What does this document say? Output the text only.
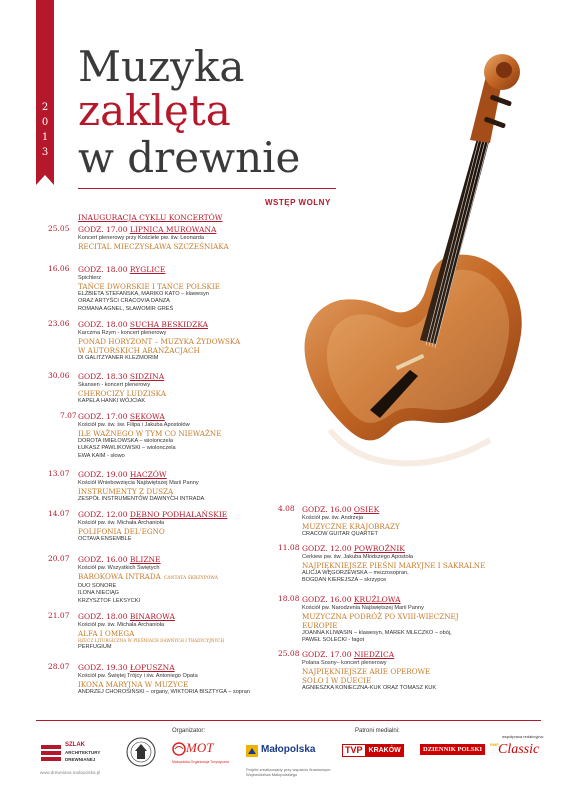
2
0
1
3
Muzyka
zaklęta
w drewnie
WSTĘP WOLNY
INAUGURACJA CYKLU KONCERTÓW
25.05 GODZ. 17.00 LIPNICA MUROWANA
Koncert plenerowy przy Kościele pw. św. Leonarda
RECITAL MIECZYSŁAWA SZCZEŚNIAKA
16.06 GODZ. 18.00 RYGLICE
Spichlerz
TAŃCE DWORSKIE I TAŃCE POLSKIE
ELŻBIETA STEFAŃSKA, MARIKO KATO – klawesyn
ORAZ ARTYŚCI CRACOVIA DANZA
ROMANA AGNEL, SŁAWOMIR GREŚ
23.06 GODZ. 18.00 SUCHA BESKIDZKA
Karczma Rzym - koncert plenerowy
PONAD HORYZONT – MUZYKA ŻYDOWSKA
W AUTORSKICH ARANŻACJACH
DI GALITZYANER KLEZMORIM
30.06 GODZ. 18.30 SIDZINA
Skansen - koncert plenerowy
CHEROCIZY LUDZISKA
KAPELA HANKI WÓJCIAK
7.07 GODZ. 17.00 SĘKOWA
Kościół pw. św. św. Filipa i Jakuba Apostołów
ILE WAŻNEGO W TYM CO NIEWAŻNE
DOROTA IMIEŁOWSKA – wiolonczela
ŁUKASZ PAWLIKOWSKI – wiolonczela
EWA KAIM - słowo
13.07 GODZ. 19.00 HACZÓW
Kościół Wniebowzięcia Najświętszej Marii Panny
INSTRUMENTY Z DUSZĄ
ZESPÓŁ INSTRUMENTÓW DAWNYCH INTRADA
14.07 GODZ. 12.00 DĘBNO PODHALAŃSKIE
Kościół pw. św. Michała Archanioła
POLIFONIA DEL'EGNO
OCTAVA ENSEMBLE
20.07 GODZ. 16.00 BLIZNE
Kościół pw. Wszystkich Świętych
BAROKOWA INTRADA CANTATA ŚKRZYPOWA
DUO SONORE
ILONA NIECIĄG
KRZYSZTOF LEKSYCKI
21.07 GODZ. 18.00 BINAROWA
Kościół pw. św. Michała Archanioła
ALFA I OMEGA
RZECZ LITURGICZNA W PIEŚNIACH DAWNYCH I TRADYCYJNYCH
PERFUGIUM
28.07 GODZ. 19.30 ŁOPUSZNA
Kościół pw. Świętej Trójcy i św. Antoniego Opata
IKONA MARYJNA W MUZYCE
ANDRZEJ CHOROSIŃSKI – organy, WIKTORIA BISZTYGA – sopran
4.08 GODZ. 16.00 OSIEK
Kościół pw. św. Andrzeja
MUZYCZNE KRAJOBRAZY
CRACOW GUITAR QUARTET
11.08 GODZ. 12.00 POWROŹNIK
Cerkiew pw. św. Jakuba Młodszego Apostoła
NAJPIĘKNIEJSZE PIEŚNI MARYJNE I SAKRALNE
ALICJA WĘGORZEWSKA – mezzosopran,
BOGDAN KIEREJSZA – skrzypce
18.08 GODZ. 16.00 KRUŻLOWA
Kościół pw. Narodzenia Najświętszej Marii Panny
MUZYCZNA PODRÓŻ PO XVIII-WIECZNEJ
EUROPIE
JOANNA KLIWASIN – klawesyn, MAREK MLECZKO – obój,
PAWEŁ SOLECKI - fagot
25.08 GODZ. 17.00 NIEDZICA
Polana Sosny– koncert plenerowy
NAJPIĘKNIEJSZE ARIE OPEROWE
SOLO I W DUECIE
AGNIESZKA KONIECZNA-KUK ORAZ TOMASZ KUK
Organizator:	Patroni medialni:
współpraca redakcyjna:
SZLAK
ARCHITEKTURY
DREWNIANEJ
www.drewniana.malopolska.pl
MOT
Małopolska Organizacja Turystyczna
Małopolska
Projekt zrealizowany przy wsparciu finansowym Województwa Małopolskiego
TVP KRAKÓW	DZIENNIK POLSKI
RMF Classic
